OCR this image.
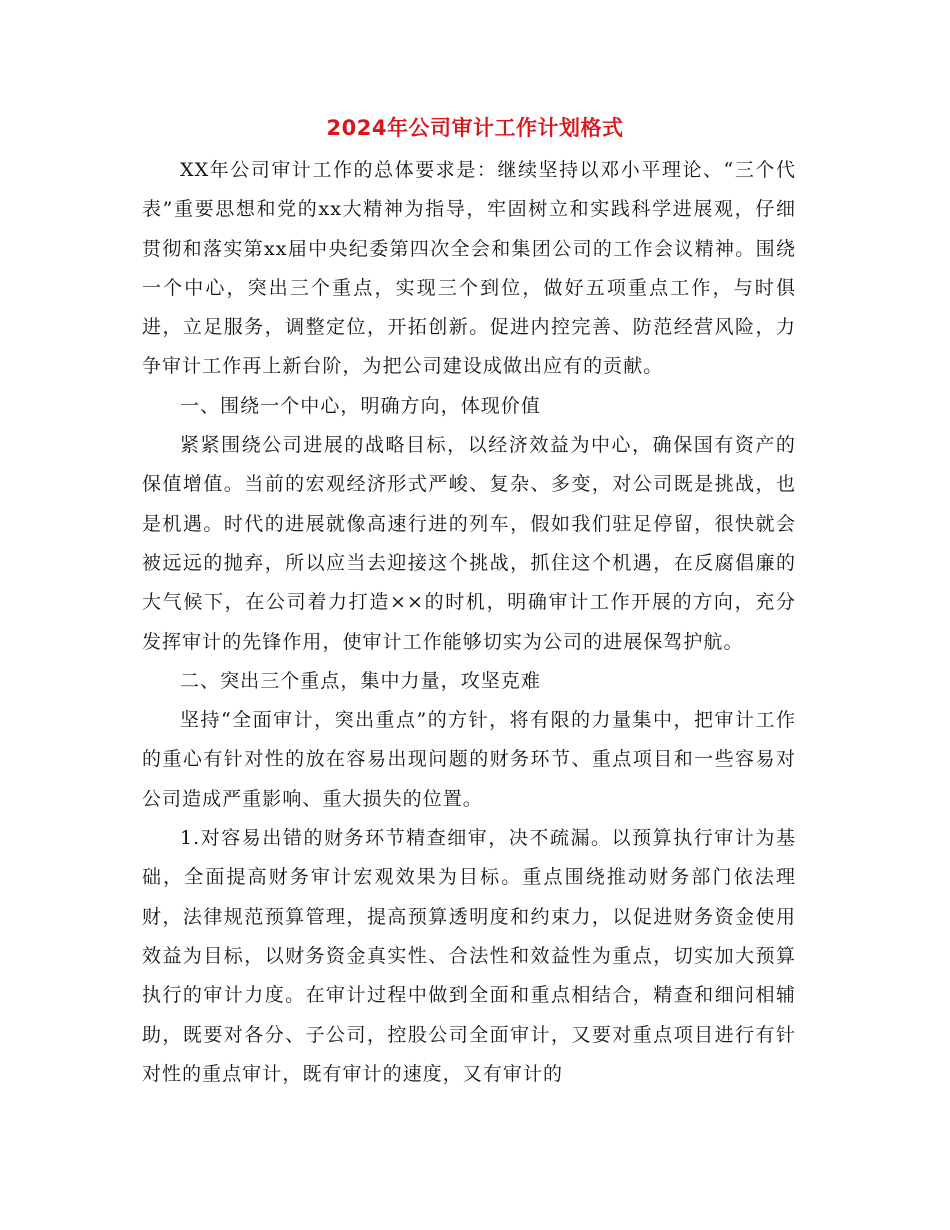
2024年公司审计工作计划格式

XX年公司审计工作的总体要求是：继续坚持以邓小平理论、“三个代表”重要思想和党的xx大精神为指导，牢固树立和实践科学进展观，仔细贯彻和落实第xx届中央纪委第四次全会和集团公司的工作会议精神。围绕一个中心，突出三个重点，实现三个到位，做好五项重点工作，与时俱进，立足服务，调整定位，开拓创新。促进内控完善、防范经营风险，力争审计工作再上新台阶，为把公司建设成做出应有的贡献。

一、围绕一个中心，明确方向，体现价值

紧紧围绕公司进展的战略目标，以经济效益为中心，确保国有资产的保值增值。当前的宏观经济形式严峻、复杂、多变，对公司既是挑战，也是机遇。时代的进展就像高速行进的列车，假如我们驻足停留，很快就会被远远的抛弃，所以应当去迎接这个挑战，抓住这个机遇，在反腐倡廉的大气候下，在公司着力打造××的时机，明确审计工作开展的方向，充分发挥审计的先锋作用，使审计工作能够切实为公司的进展保驾护航。

二、突出三个重点，集中力量，攻坚克难

坚持“全面审计，突出重点”的方针，将有限的力量集中，把审计工作的重心有针对性的放在容易出现问题的财务环节、重点项目和一些容易对公司造成严重影响、重大损失的位置。

1.对容易出错的财务环节精查细审，决不疏漏。以预算执行审计为基础，全面提高财务审计宏观效果为目标。重点围绕推动财务部门依法理财，法律规范预算管理，提高预算透明度和约束力，以促进财务资金使用效益为目标，以财务资金真实性、合法性和效益性为重点，切实加大预算执行的审计力度。在审计过程中做到全面和重点相结合，精查和细问相辅助，既要对各分、子公司，控股公司全面审计，又要对重点项目进行有针对性的重点审计，既有审计的速度，又有审计的
